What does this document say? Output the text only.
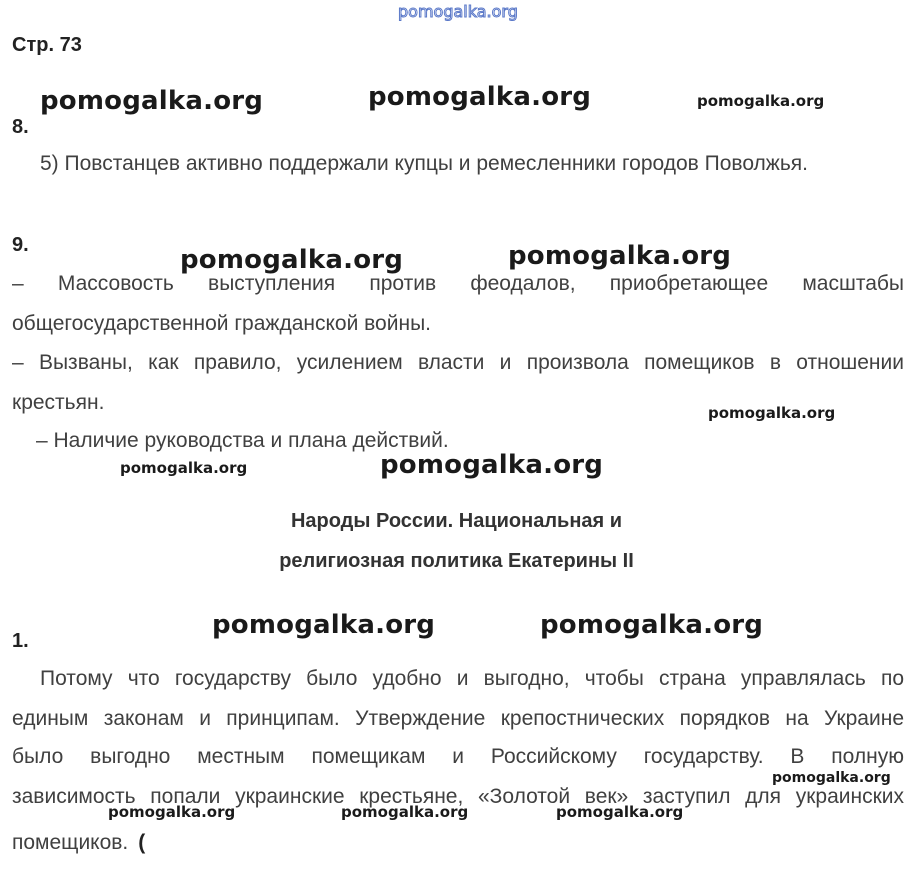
pomogalka.org
Стр. 73
pomogalka.org	pomogalka.org	pomogalka.org
8.
5) Повстанцев активно поддержали купцы и ремесленники городов Поволжья.
9.	pomogalka.org	pomogalka.org
– Массовость выступления против феодалов, приобретающее масштабы
общегосударственной гражданской войны.
– Вызваны, как правило, усилением власти и произвола помещиков в отношении
крестьян.	pomogalka.org
– Наличие руководства и плана действий.
pomogalka.org	pomogalka.org
Народы России. Национальная и
религиозная политика Екатерины II
pomogalka.org	pomogalka.org
1.
Потому что государству было удобно и выгодно, чтобы страна управлялась по
единым законам и принципам. Утверждение крепостнических порядков на Украине
было выгодно местным помещикам и Российскому государству. В полную
pomogalka.org
зависимость попали украинские крестьяне, «Золотой век» заступил для украинских
pomogalka.org	pomogalka.org	pomogalka.org
помещиков. (
